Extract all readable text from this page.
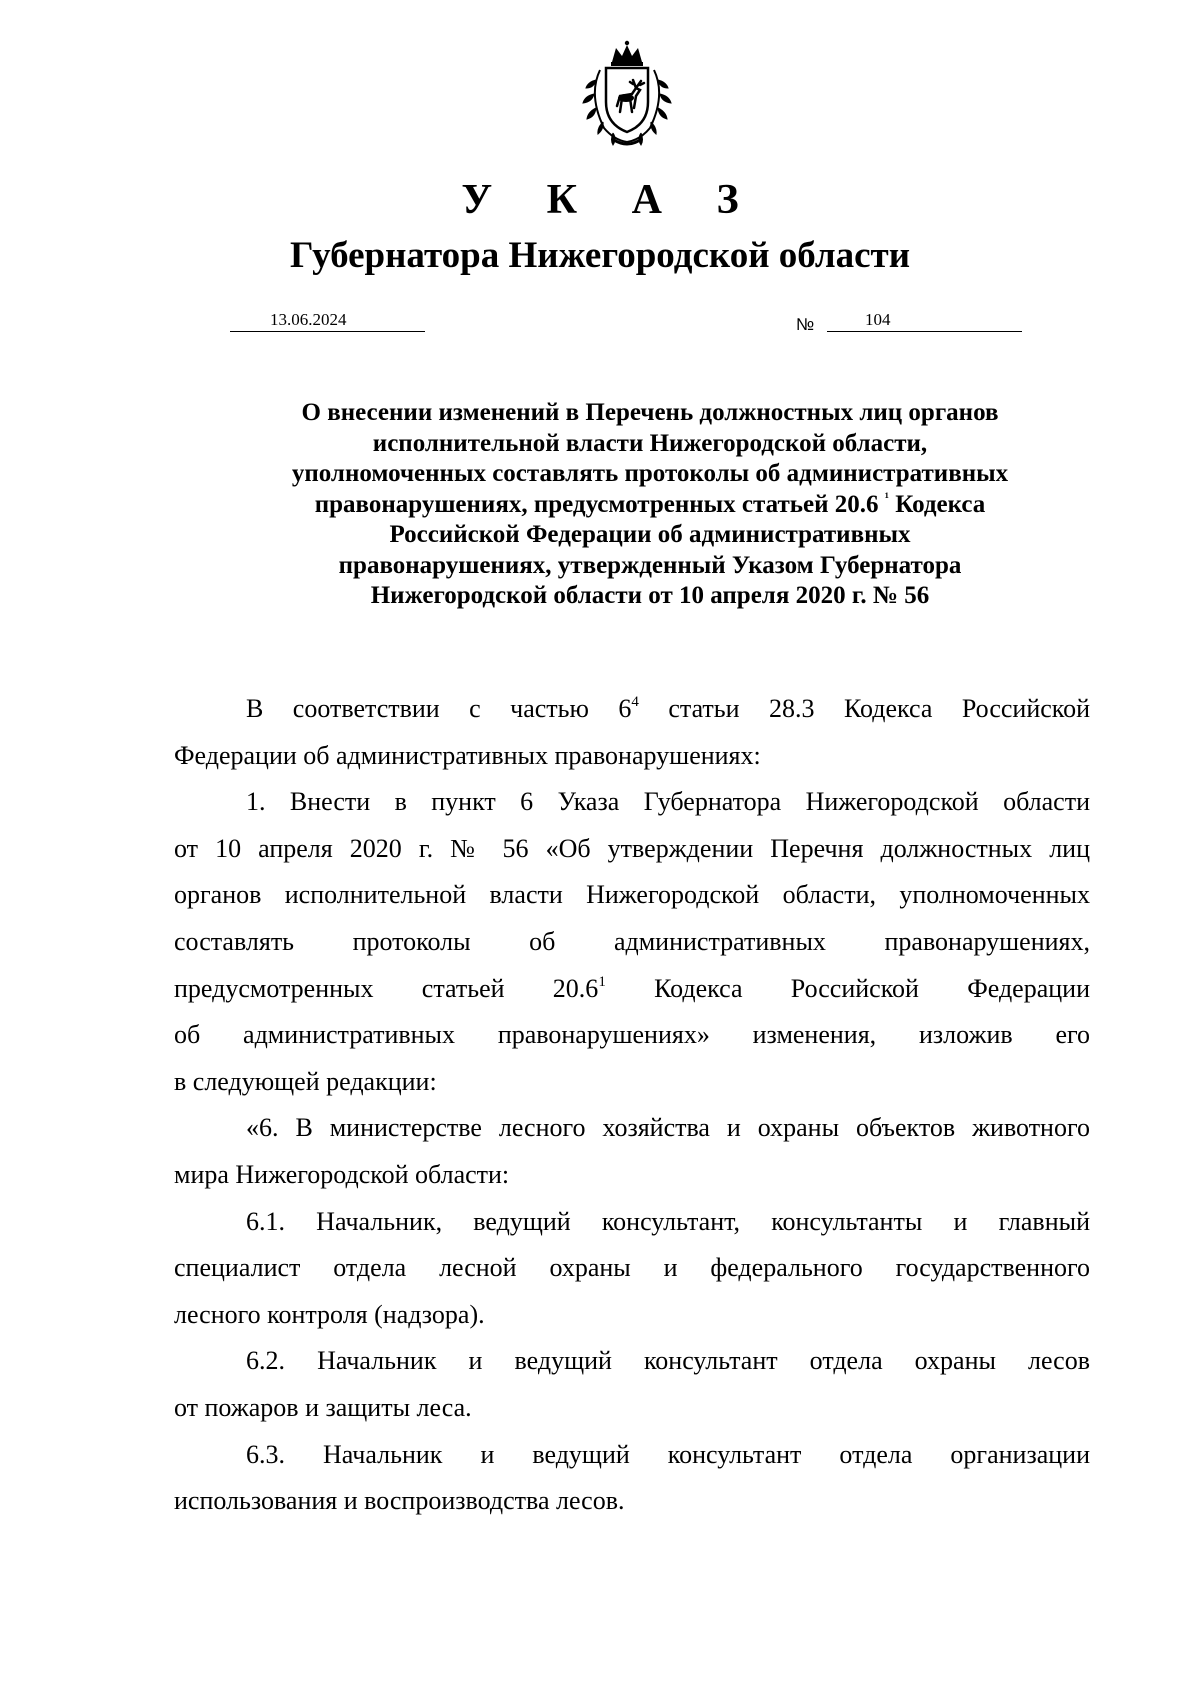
У К А З
Губернатора Нижегородской области
13.06.2024	№	104
О внесении изменений в Перечень должностных лиц органов
исполнительной власти Нижегородской области,
уполномоченных составлять протоколы об административных
правонарушениях, предусмотренных статьей 20.6 $^{^1}$ Кодекса
Российской Федерации об административных
правонарушениях, утвержденный Указом Губернатора
Нижегородской области от 10 апреля 2020 г. № 56
В соответствии с частью $6^4$ статьи 28.3 Кодекса Российской
Федерации об административных правонарушениях:
1. Внести в пункт 6 Указа Губернатора Нижегородской области
от 10 апреля 2020 г. № 56 «Об утверждении Перечня должностных лиц
органов исполнительной власти Нижегородской области, уполномоченных
составлять протоколы об административных правонарушениях,
предусмотренных статьей 20.6$^1$ Кодекса Российской Федерации
об административных правонарушениях» изменения, изложив его
в следующей редакции:
«6. В министерстве лесного хозяйства и охраны объектов животного
мира Нижегородской области:
6.1. Начальник, ведущий консультант, консультанты и главный
специалист отдела лесной охраны и федерального государственного
лесного контроля (надзора).
6.2. Начальник и ведущий консультант отдела охраны лесов
от пожаров и защиты леса.
6.3. Начальник и ведущий консультант отдела организации
использования и воспроизводства лесов.
